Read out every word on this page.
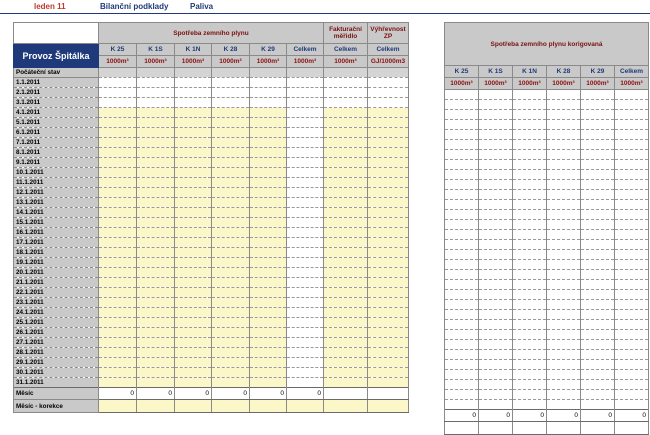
leden 11	Bilanční podklady	Paliva
	Spotřeba zemního plynu						Fakturační měřidlo	Výhřevnost ZP
Provoz Špitálka	K 25	K 1S	K 1N	K 28	K 29	Celkem	Celkem	Celkem
	1000m³	1000m³	1000m³	1000m³	1000m³	1000m³	1000m³	GJ/1000m3
Počáteční stav								
1.1.2011								
2.1.2011								
3.1.2011								
4.1.2011								
5.1.2011								
6.1.2011								
7.1.2011								
8.1.2011								
9.1.2011								
10.1.2011								
11.1.2011								
12.1.2011								
13.1.2011								
14.1.2011								
15.1.2011								
16.1.2011								
17.1.2011								
18.1.2011								
19.1.2011								
20.1.2011								
21.1.2011								
22.1.2011								
23.1.2011								
24.1.2011								
25.1.2011								
26.1.2011								
27.1.2011								
28.1.2011								
29.1.2011								
30.1.2011								
31.1.2011								
Měsíc	0	0	0	0	0	0		
Měsíc - korekce								
Spotřeba zemního plynu korigovaná					
K 25	K 1S	K 1N	K 28	K 29	Celkem
1000m³	1000m³	1000m³	1000m³	1000m³	1000m³

0	0	0	0	0	0
